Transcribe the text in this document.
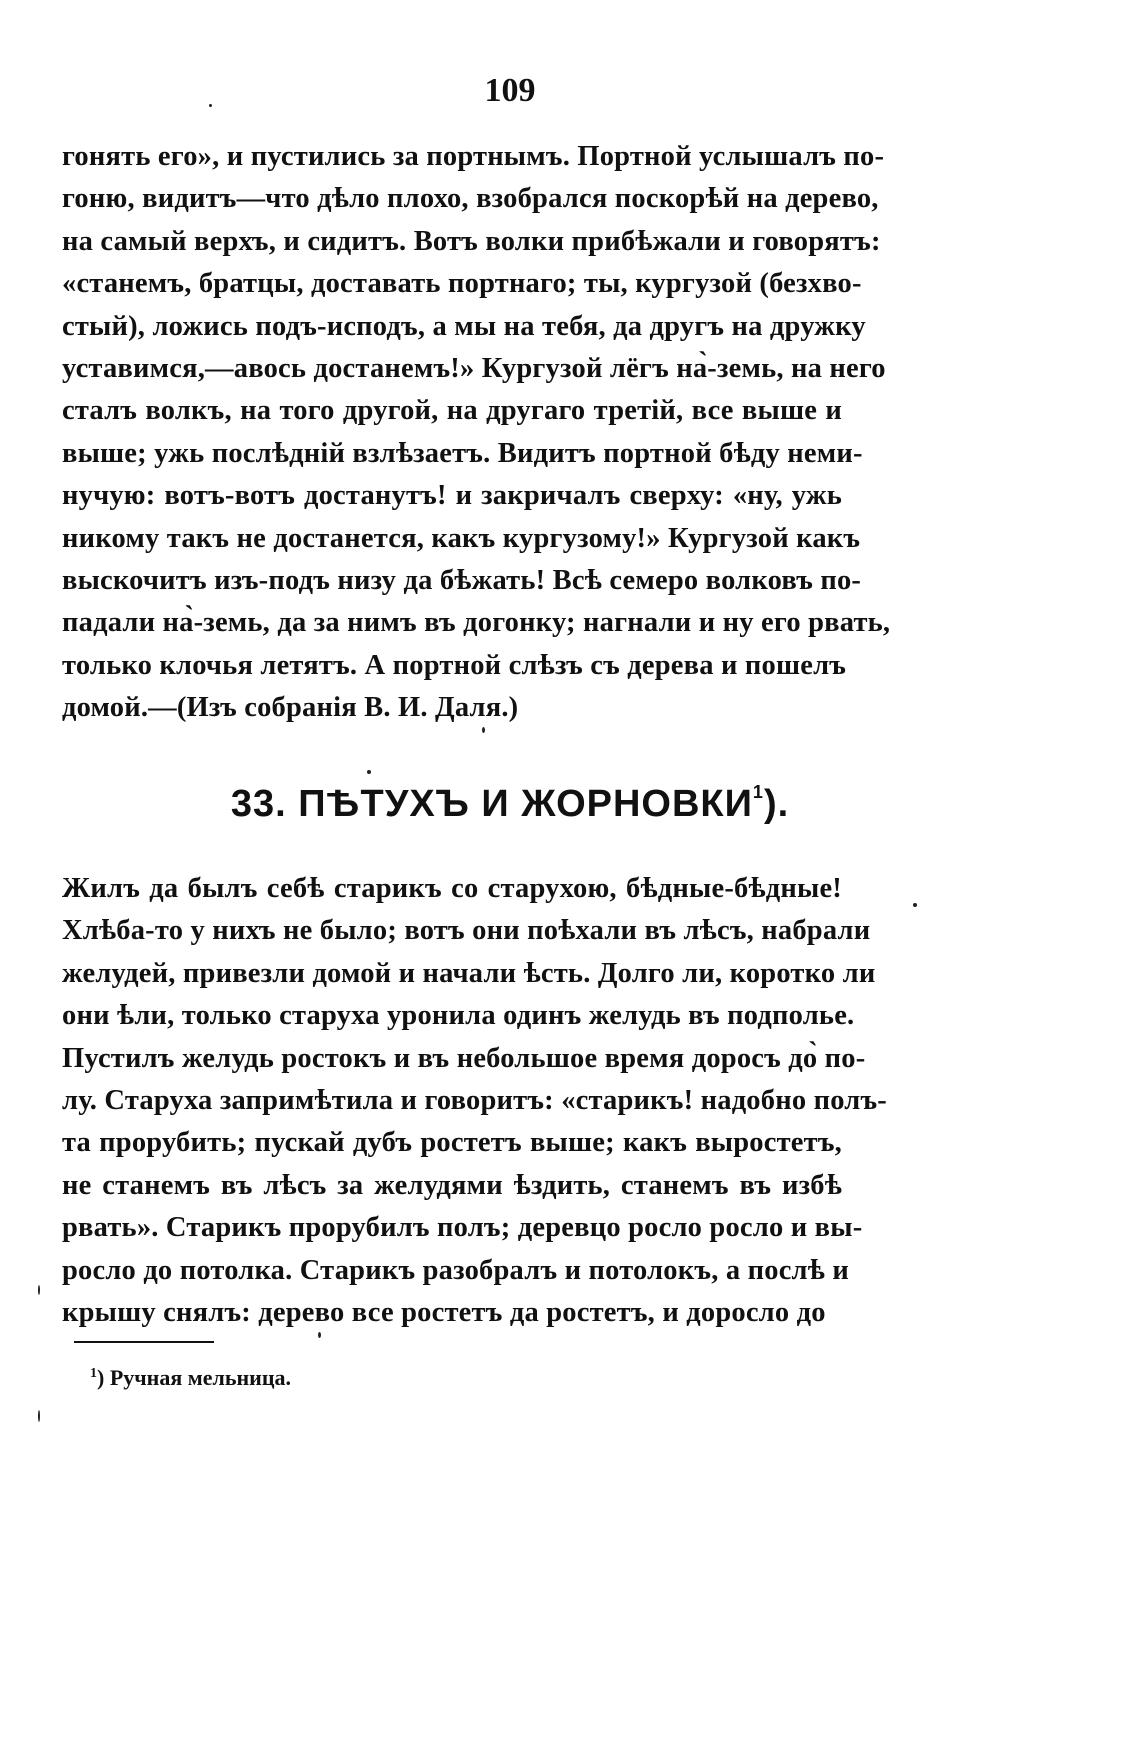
109
гонять его», и пустились за портнымъ. Портной услышалъ по-
гоню, видитъ—что дѣло плохо, взобрался поскорѣй на дерево,
на самый верхъ, и сидитъ. Вотъ волки прибѣжали и говорятъ:
«станемъ, братцы, доставать портнаго; ты, кургузой (безхво-
стый), ложись подъ-исподъ, а мы на тебя, да другъ на дружку
уставимся,—авось достанемъ!» Кургузой лёгъ на̀-земь, на него
сталъ волкъ, на того другой, на другаго третій, все выше и
выше; ужь послѣдній взлѣзаетъ. Видитъ портной бѣду неми-
нучую: вотъ-вотъ достанутъ! и закричалъ сверху: «ну, ужь
никому такъ не достанется, какъ кургузому!» Кургузой какъ
выскочитъ изъ-подъ низу да бѣжать! Всѣ семеро волковъ по-
падали на̀-земь, да за нимъ въ догонку; нагнали и ну его рвать,
только клочья летятъ. А портной слѣзъ съ дерева и пошелъ
домой.—(Изъ собранія В. И. Даля.)
33. ПѢТУХЪ И ЖОРНОВКИ$^1$).
Жилъ да былъ себѣ старикъ со старухою, бѣдные-бѣдные!
Хлѣба-то у нихъ не было; вотъ они поѣхали въ лѣсъ, набрали
желудей, привезли домой и начали ѣсть. Долго ли, коротко ли
они ѣли, только старуха уронила одинъ желудь въ подполье.
Пустилъ желудь ростокъ и въ небольшое время доросъ до̀ по-
лу. Старуха запримѣтила и говоритъ: «старикъ! надобно полъ-
та прорубить; пускай дубъ ростетъ выше; какъ выростетъ,
не станемъ въ лѣсъ за желудями ѣздить, станемъ въ избѣ
рвать». Старикъ прорубилъ полъ; деревцо росло росло и вы-
росло до потолка. Старикъ разобралъ и потолокъ, а послѣ и
крышу снялъ: дерево все ростетъ да ростетъ, и доросло до
$^1$) Ручная мельница.
